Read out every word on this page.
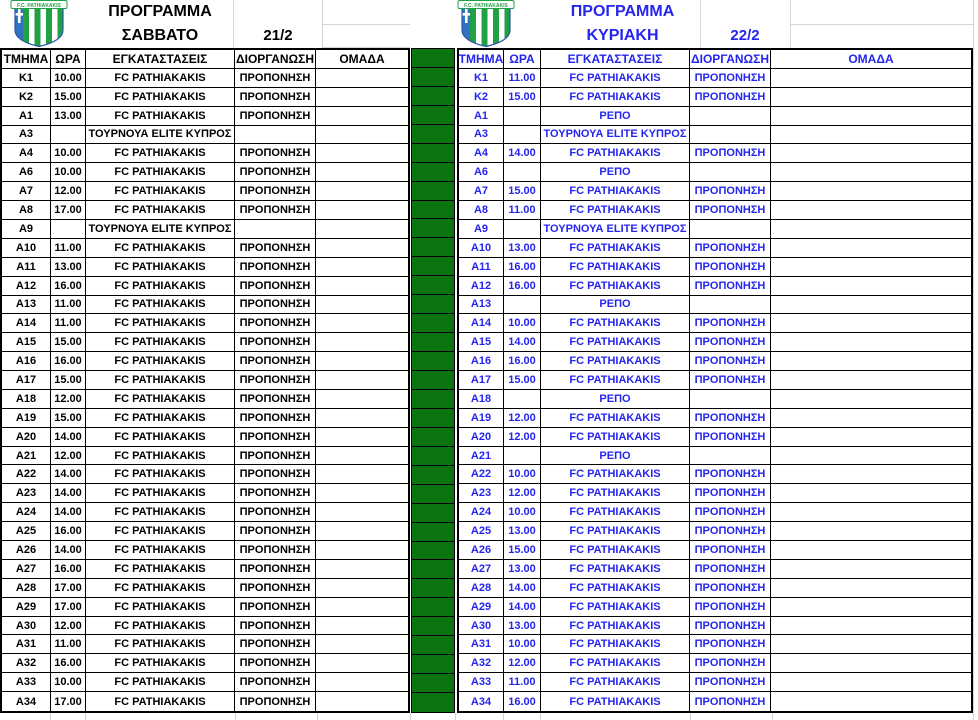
F.C. PATHIAKAKIS	ΠΡΟΓΡΑΜΜΑ
ΣΑΒΒΑΤΟ	21/2
F.C. PATHIAKAKIS	ΠΡΟΓΡΑΜΜΑ
ΚΥΡΙΑΚΗ	22/2
ΤΜΗΜΑ ΩΡΑ	ΕΓΚΑΤΑΣΤΑΣΕΙΣ	ΔΙΟΡΓΑΝΩΣΗ	ΟΜΑΔΑ
K1	10.00	FC PATHIAKAKIS	ΠΡΟΠΟΝΗΣΗ
K2	15.00	FC PATHIAKAKIS	ΠΡΟΠΟΝΗΣΗ
A1	13.00	FC PATHIAKAKIS	ΠΡΟΠΟΝΗΣΗ
A3	ΤΟΥΡΝΟΥΑ ELITE ΚΥΠΡΟΣ
A4	10.00	FC PATHIAKAKIS	ΠΡΟΠΟΝΗΣΗ
A6	10.00	FC PATHIAKAKIS	ΠΡΟΠΟΝΗΣΗ
A7	12.00	FC PATHIAKAKIS	ΠΡΟΠΟΝΗΣΗ
A8	17.00	FC PATHIAKAKIS	ΠΡΟΠΟΝΗΣΗ
A9	ΤΟΥΡΝΟΥΑ ELITE ΚΥΠΡΟΣ
A10	11.00	FC PATHIAKAKIS	ΠΡΟΠΟΝΗΣΗ
A11	13.00	FC PATHIAKAKIS	ΠΡΟΠΟΝΗΣΗ
A12	16.00	FC PATHIAKAKIS	ΠΡΟΠΟΝΗΣΗ
A13	11.00	FC PATHIAKAKIS	ΠΡΟΠΟΝΗΣΗ
A14	11.00	FC PATHIAKAKIS	ΠΡΟΠΟΝΗΣΗ
A15	15.00	FC PATHIAKAKIS	ΠΡΟΠΟΝΗΣΗ
A16	16.00	FC PATHIAKAKIS	ΠΡΟΠΟΝΗΣΗ
A17	15.00	FC PATHIAKAKIS	ΠΡΟΠΟΝΗΣΗ
A18	12.00	FC PATHIAKAKIS	ΠΡΟΠΟΝΗΣΗ
A19	15.00	FC PATHIAKAKIS	ΠΡΟΠΟΝΗΣΗ
A20	14.00	FC PATHIAKAKIS	ΠΡΟΠΟΝΗΣΗ
A21	12.00	FC PATHIAKAKIS	ΠΡΟΠΟΝΗΣΗ
A22	14.00	FC PATHIAKAKIS	ΠΡΟΠΟΝΗΣΗ
A23	14.00	FC PATHIAKAKIS	ΠΡΟΠΟΝΗΣΗ
A24	14.00	FC PATHIAKAKIS	ΠΡΟΠΟΝΗΣΗ
A25	16.00	FC PATHIAKAKIS	ΠΡΟΠΟΝΗΣΗ
A26	14.00	FC PATHIAKAKIS	ΠΡΟΠΟΝΗΣΗ
A27	16.00	FC PATHIAKAKIS	ΠΡΟΠΟΝΗΣΗ
A28	17.00	FC PATHIAKAKIS	ΠΡΟΠΟΝΗΣΗ
A29	17.00	FC PATHIAKAKIS	ΠΡΟΠΟΝΗΣΗ
A30	12.00	FC PATHIAKAKIS	ΠΡΟΠΟΝΗΣΗ
A31	11.00	FC PATHIAKAKIS	ΠΡΟΠΟΝΗΣΗ
A32	16.00	FC PATHIAKAKIS	ΠΡΟΠΟΝΗΣΗ
A33	10.00	FC PATHIAKAKIS	ΠΡΟΠΟΝΗΣΗ
A34	17.00	FC PATHIAKAKIS	ΠΡΟΠΟΝΗΣΗ
ΤΜΗΜΑ ΩΡΑ	ΕΓΚΑΤΑΣΤΑΣΕΙΣ	ΔΙΟΡΓΑΝΩΣΗ	ΟΜΑΔΑ
K1	11.00	FC PATHIAKAKIS	ΠΡΟΠΟΝΗΣΗ
K2	15.00	FC PATHIAKAKIS	ΠΡΟΠΟΝΗΣΗ
A1	ΡΕΠΟ
A3	ΤΟΥΡΝΟΥΑ ELITE ΚΥΠΡΟΣ
A4	14.00	FC PATHIAKAKIS	ΠΡΟΠΟΝΗΣΗ
A6	ΡΕΠΟ
A7	15.00	FC PATHIAKAKIS	ΠΡΟΠΟΝΗΣΗ
A8	11.00	FC PATHIAKAKIS	ΠΡΟΠΟΝΗΣΗ
A9	ΤΟΥΡΝΟΥΑ ELITE ΚΥΠΡΟΣ
A10	13.00	FC PATHIAKAKIS	ΠΡΟΠΟΝΗΣΗ
A11	16.00	FC PATHIAKAKIS	ΠΡΟΠΟΝΗΣΗ
A12	16.00	FC PATHIAKAKIS	ΠΡΟΠΟΝΗΣΗ
A13	ΡΕΠΟ
A14	10.00	FC PATHIAKAKIS	ΠΡΟΠΟΝΗΣΗ
A15	14.00	FC PATHIAKAKIS	ΠΡΟΠΟΝΗΣΗ
A16	16.00	FC PATHIAKAKIS	ΠΡΟΠΟΝΗΣΗ
A17	15.00	FC PATHIAKAKIS	ΠΡΟΠΟΝΗΣΗ
A18	ΡΕΠΟ
A19	12.00	FC PATHIAKAKIS	ΠΡΟΠΟΝΗΣΗ
A20	12.00	FC PATHIAKAKIS	ΠΡΟΠΟΝΗΣΗ
A21	ΡΕΠΟ
A22	10.00	FC PATHIAKAKIS	ΠΡΟΠΟΝΗΣΗ
A23	12.00	FC PATHIAKAKIS	ΠΡΟΠΟΝΗΣΗ
A24	10.00	FC PATHIAKAKIS	ΠΡΟΠΟΝΗΣΗ
A25	13.00	FC PATHIAKAKIS	ΠΡΟΠΟΝΗΣΗ
A26	15.00	FC PATHIAKAKIS	ΠΡΟΠΟΝΗΣΗ
A27	13.00	FC PATHIAKAKIS	ΠΡΟΠΟΝΗΣΗ
A28	14.00	FC PATHIAKAKIS	ΠΡΟΠΟΝΗΣΗ
A29	14.00	FC PATHIAKAKIS	ΠΡΟΠΟΝΗΣΗ
A30	13.00	FC PATHIAKAKIS	ΠΡΟΠΟΝΗΣΗ
A31	10.00	FC PATHIAKAKIS	ΠΡΟΠΟΝΗΣΗ
A32	12.00	FC PATHIAKAKIS	ΠΡΟΠΟΝΗΣΗ
A33	11.00	FC PATHIAKAKIS	ΠΡΟΠΟΝΗΣΗ
A34	16.00	FC PATHIAKAKIS	ΠΡΟΠΟΝΗΣΗ
